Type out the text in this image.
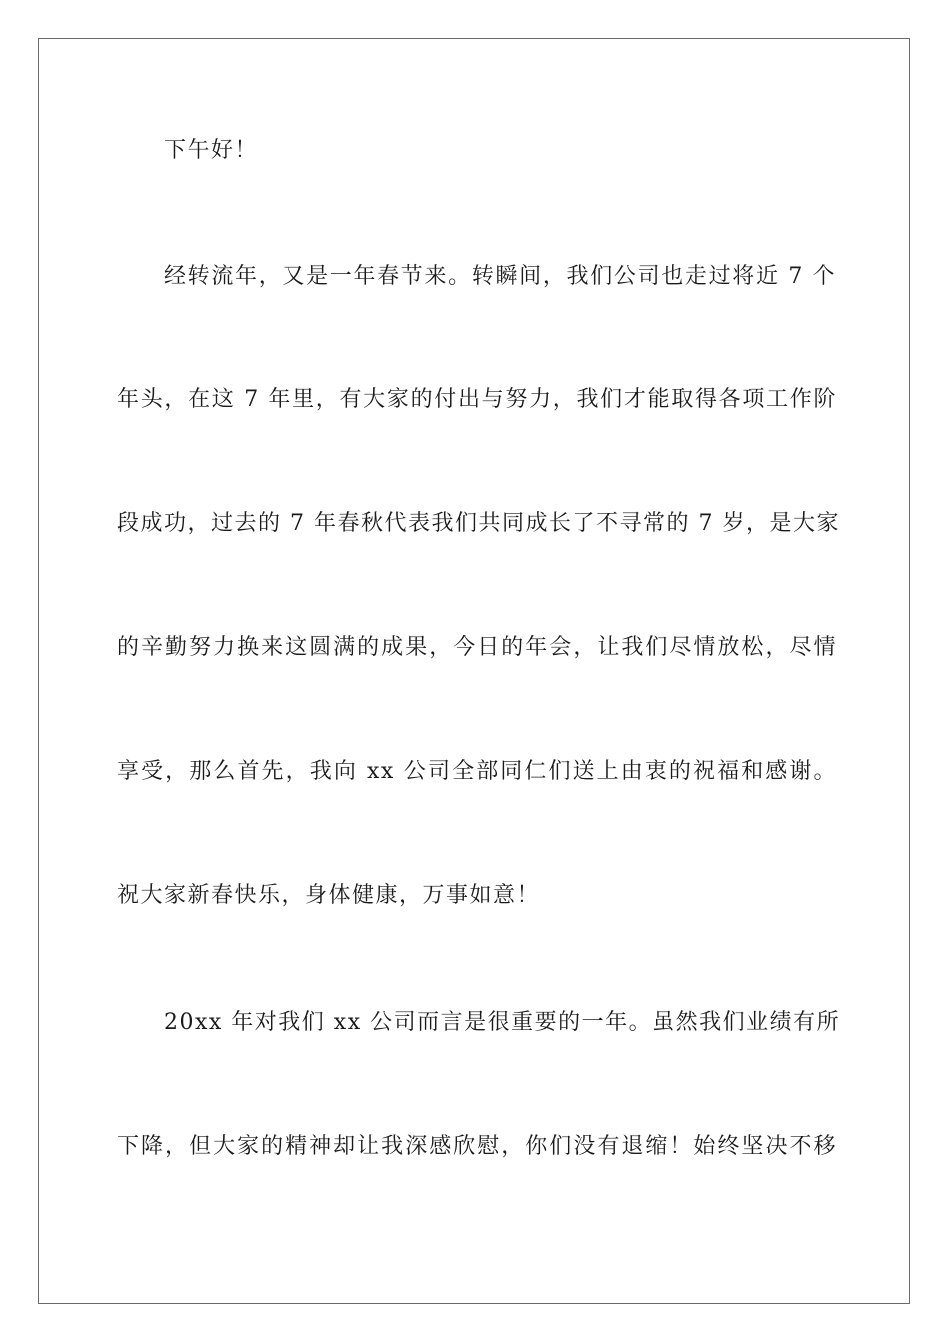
下午好！
经转流年，又是一年春节来。转瞬间，我们公司也走过将近 7 个
年头，在这 7 年里，有大家的付出与努力，我们才能取得各项工作阶
段成功，过去的 7 年春秋代表我们共同成长了不寻常的 7 岁，是大家
的辛勤努力换来这圆满的成果，今日的年会，让我们尽情放松，尽情
享受，那么首先，我向 xx 公司全部同仁们送上由衷的祝福和感谢。
祝大家新春快乐，身体健康，万事如意！
20xx 年对我们 xx 公司而言是很重要的一年。虽然我们业绩有所
下降，但大家的精神却让我深感欣慰，你们没有退缩！始终坚决不移
